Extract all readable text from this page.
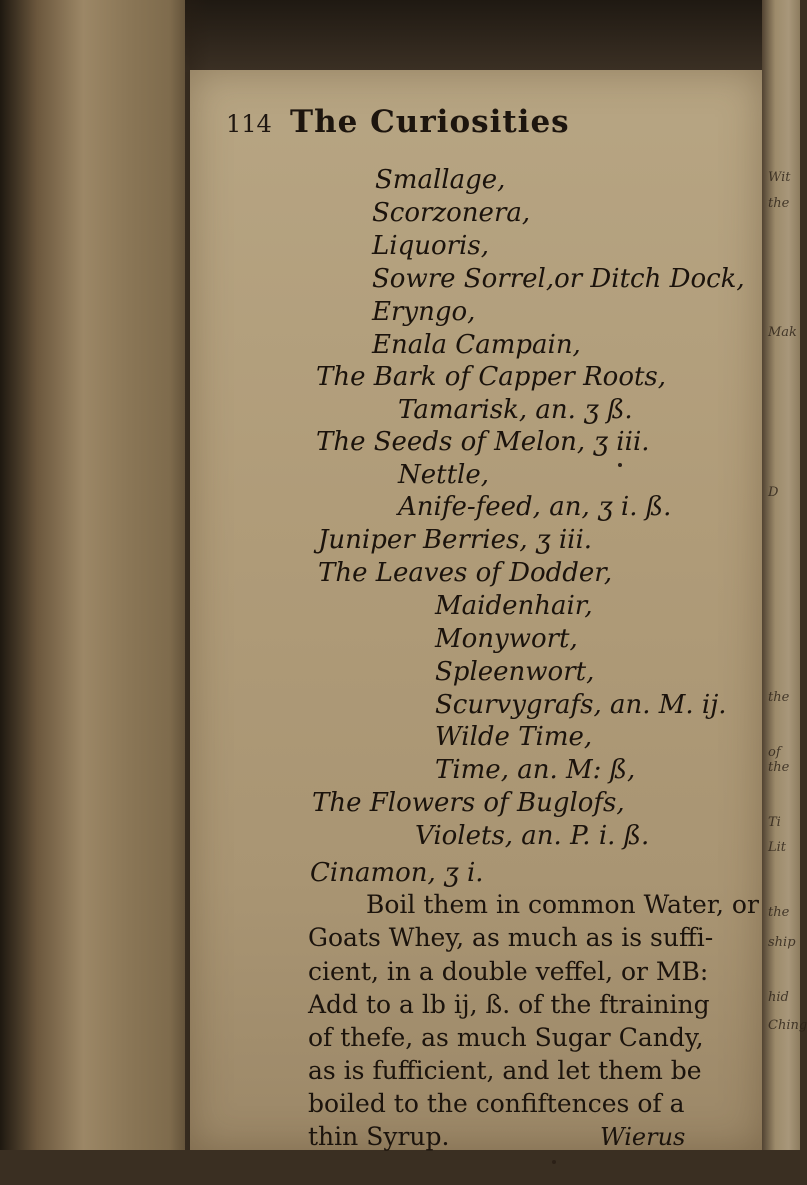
Wit
the
Mak
D
the
of the
Ti
Lit
the
ship
hid
Ching
114 The Curiosities
Smallage,
Scorzonera,
Liquoris,
Sowre Sorrel,or Ditch Dock,
Eryngo,
Enala Campain,
The Bark of Capper Roots,
Tamarisk, an. ʒ ß.
The Seeds of Melon, ʒ iii.
Nettle,
Anife-feed, an, ʒ i. ß.
Juniper Berries, ʒ iii.
The Leaves of Dodder,
Maidenhair,
Monywort,
Spleenwort,
Scurvygrafs, an. M. ij.
Wilde Time,
Time, an. M: ß,
The Flowers of Buglofs,
Violets, an. P. i. ß.
Cinamon, ʒ i.
Boil them in common Water, or
Goats Whey, as much as is suffi-
cient, in a double veffel, or MB:
Add to a lb ij, ß. of the ftraining
of thefe, as much Sugar Candy,
as is fufficient, and let them be
boiled to the confiftences of a
thin Syrup.	Wierus
